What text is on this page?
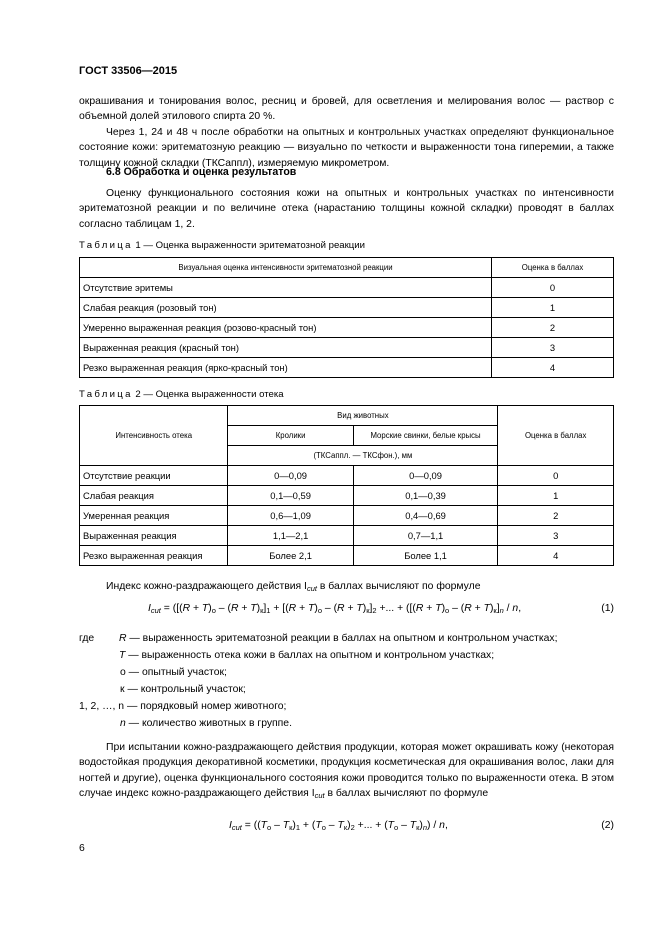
ГОСТ 33506—2015

окрашивания и тонирования волос, ресниц и бровей, для осветления и мелирования волос — раствор с объемной долей этилового спирта 20 %.

Через 1, 24 и 48 ч после обработки на опытных и контрольных участках определяют функциональное состояние кожи: эритематозную реакцию — визуально по четкости и выраженности тона гиперемии, а также толщину кожной складки (ТКСаппл), измеряемую микрометром.

6.8 Обработка и оценка результатов

Оценку функционального состояния кожи на опытных и контрольных участках по интенсивности эритематозной реакции и по величине отека (нарастанию толщины кожной складки) проводят в баллах согласно таблицам 1, 2.

Таблица 1 — Оценка выраженности эритематозной реакции
Визуальная оценка интенсивности эритематозной реакции	Оценка в баллах
Отсутствие эритемы	0
Слабая реакция (розовый тон)	1
Умеренно выраженная реакция (розово-красный тон)	2
Выраженная реакция (красный тон)	3
Резко выраженная реакция (ярко-красный тон)	4
Таблица 2 — Оценка выраженности отека
Интенсивность отека	Вид животных		Оценка в баллах
	Кролики	Морские свинки, белые крысы	
	(ТКСаппл. — ТКСфон.), мм		
Отсутствие реакции	0—0,09	0—0,09	0
Слабая реакция	0,1—0,59	0,1—0,39	1
Умеренная реакция	0,6—1,09	0,4—0,69	2
Выраженная реакция	1,1—2,1	0,7—1,1	3
Резко выраженная реакция	Более 2,1	Более 1,1	4

Индекс кожно-раздражающего действия $I_{cut}$ в баллах вычисляют по формуле

$I_{cut} = ([(R + T)_о - (R + T)_к]_1 + [(R + T)_о - (R + T)_к]_2$ +... + ($[(R + T)_о - (R + T)_к]_n / n$,	(1)
где R — выраженность эритематозной реакции в баллах на опытном и контрольном участках;
T — выраженность отека кожи в баллах на опытном и контрольном участках;
о — опытный участок;
к — контрольный участок;
1, 2, …, n — порядковый номер животного;
n — количество животных в группе.

При испытании кожно-раздражающего действия продукции, которая может окрашивать кожу (некоторая водостойкая продукция декоративной косметики, продукция косметическая для окрашивания волос, лаки для ногтей и другие), оценка функционального состояния кожи проводится только по выраженности отека. В этом случае индекс кожно-раздражающего действия $I_{cut}$ в баллах вычисляют по формуле

$I_{cut} = ((T_о - T_к)_1 + (T_о - T_к)_2$ +... + $(T_о - T_к)_n$) / n,	(2)
6
